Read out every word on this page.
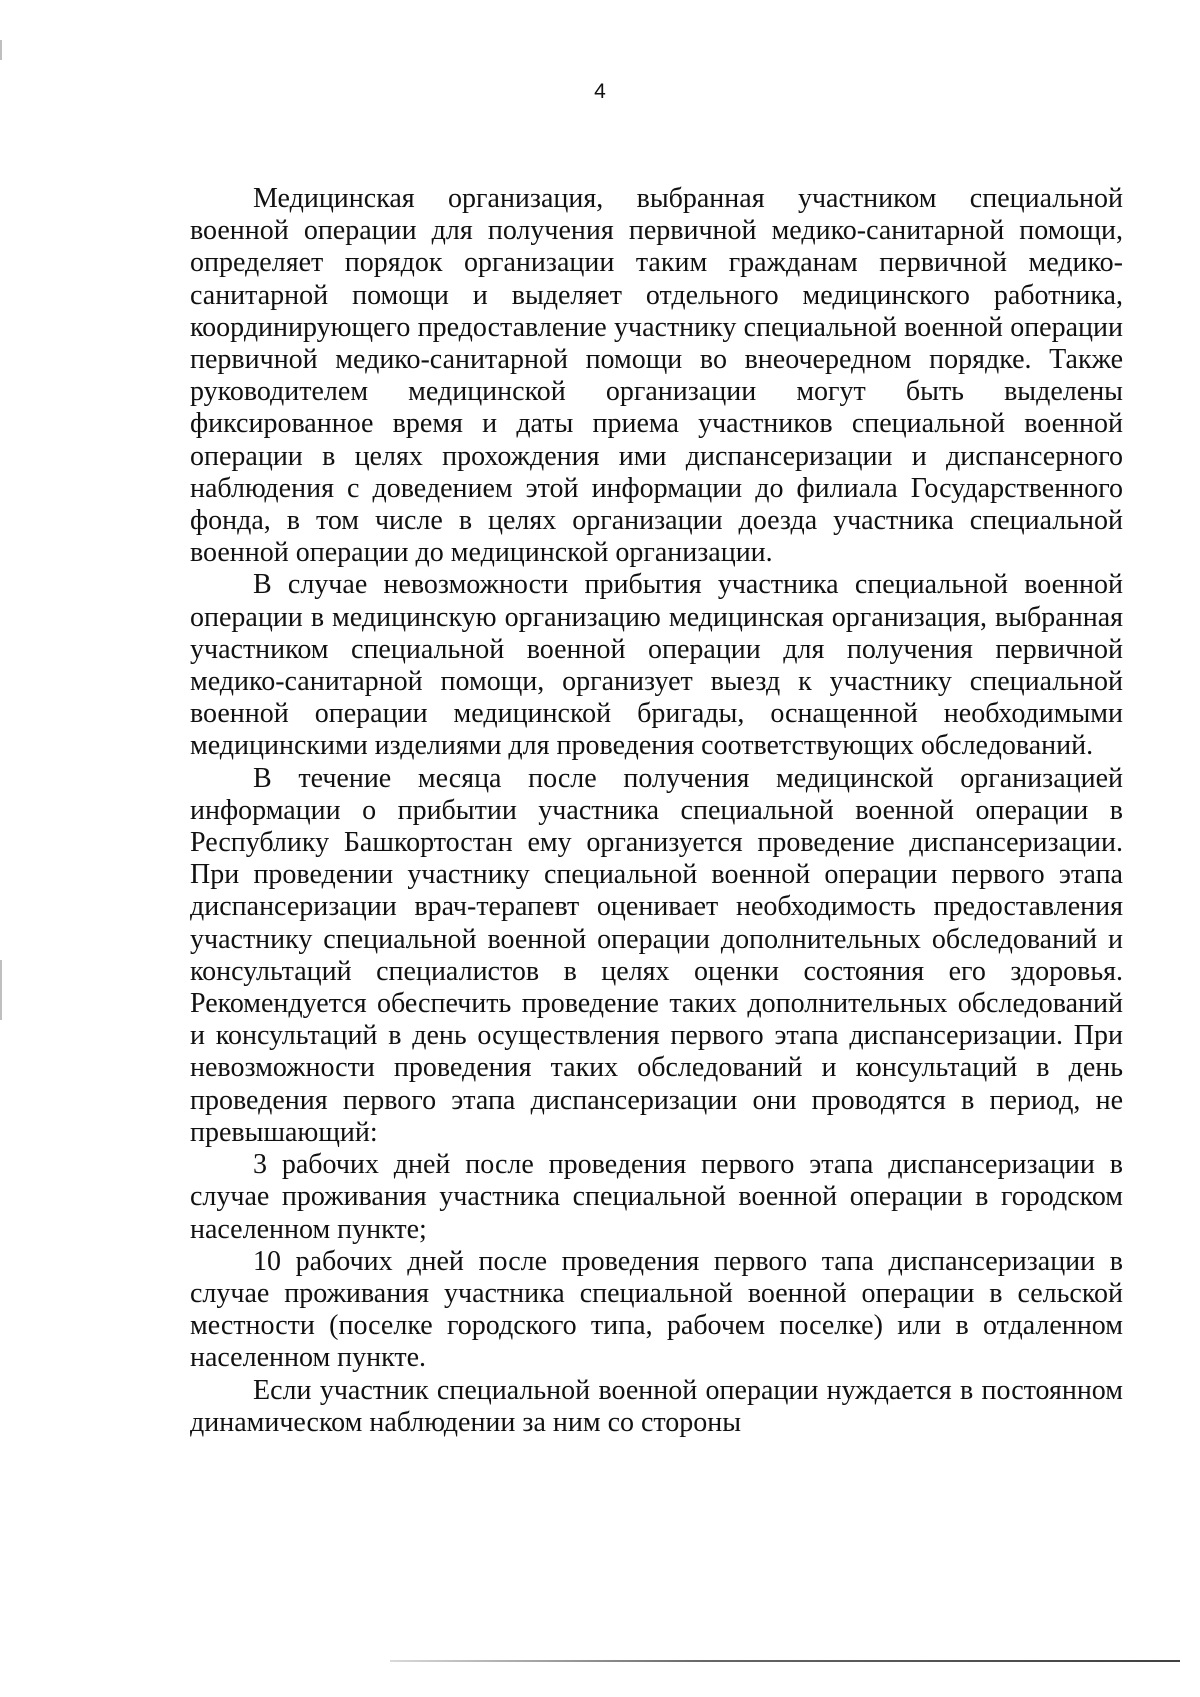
4

Медицинская организация, выбранная участником специальной военной операции для получения первичной медико-санитарной помощи, определяет порядок организации таким гражданам первичной медико-санитарной помощи и выделяет отдельного медицинского работника, координирующего предоставление участнику специальной военной операции первичной медико-санитарной помощи во внеочередном порядке. Также руководителем медицинской организации могут быть выделены фиксированное время и даты приема участников специальной военной операции в целях прохождения ими диспансеризации и диспансерного наблюдения с доведением этой информации до филиала Государственного фонда, в том числе в целях организации доезда участника специальной военной операции до медицинской организации.

В случае невозможности прибытия участника специальной военной операции в медицинскую организацию медицинская организация, выбранная участником специальной военной операции для получения первичной медико-санитарной помощи, организует выезд к участнику специальной военной операции медицинской бригады, оснащенной необходимыми медицинскими изделиями для проведения соответствующих обследований.

В течение месяца после получения медицинской организацией информации о прибытии участника специальной военной операции в Республику Башкортостан ему организуется проведение диспансеризации. При проведении участнику специальной военной операции первого этапа диспансеризации врач-терапевт оценивает необходимость предоставления участнику специальной военной операции дополнительных обследований и консультаций специалистов в целях оценки состояния его здоровья. Рекомендуется обеспечить проведение таких дополнительных обследований и консультаций в день осуществления первого этапа диспансеризации. При невозможности проведения таких обследований и консультаций в день проведения первого этапа диспансеризации они проводятся в период, не превышающий:

3 рабочих дней после проведения первого этапа диспансеризации в случае проживания участника специальной военной операции в городском населенном пункте;

10 рабочих дней после проведения первого тапа диспансеризации в случае проживания участника специальной военной операции в сельской местности (поселке городского типа, рабочем поселке) или в отдаленном населенном пункте.

Если участник специальной военной операции нуждается в постоянном динамическом наблюдении за ним со стороны
